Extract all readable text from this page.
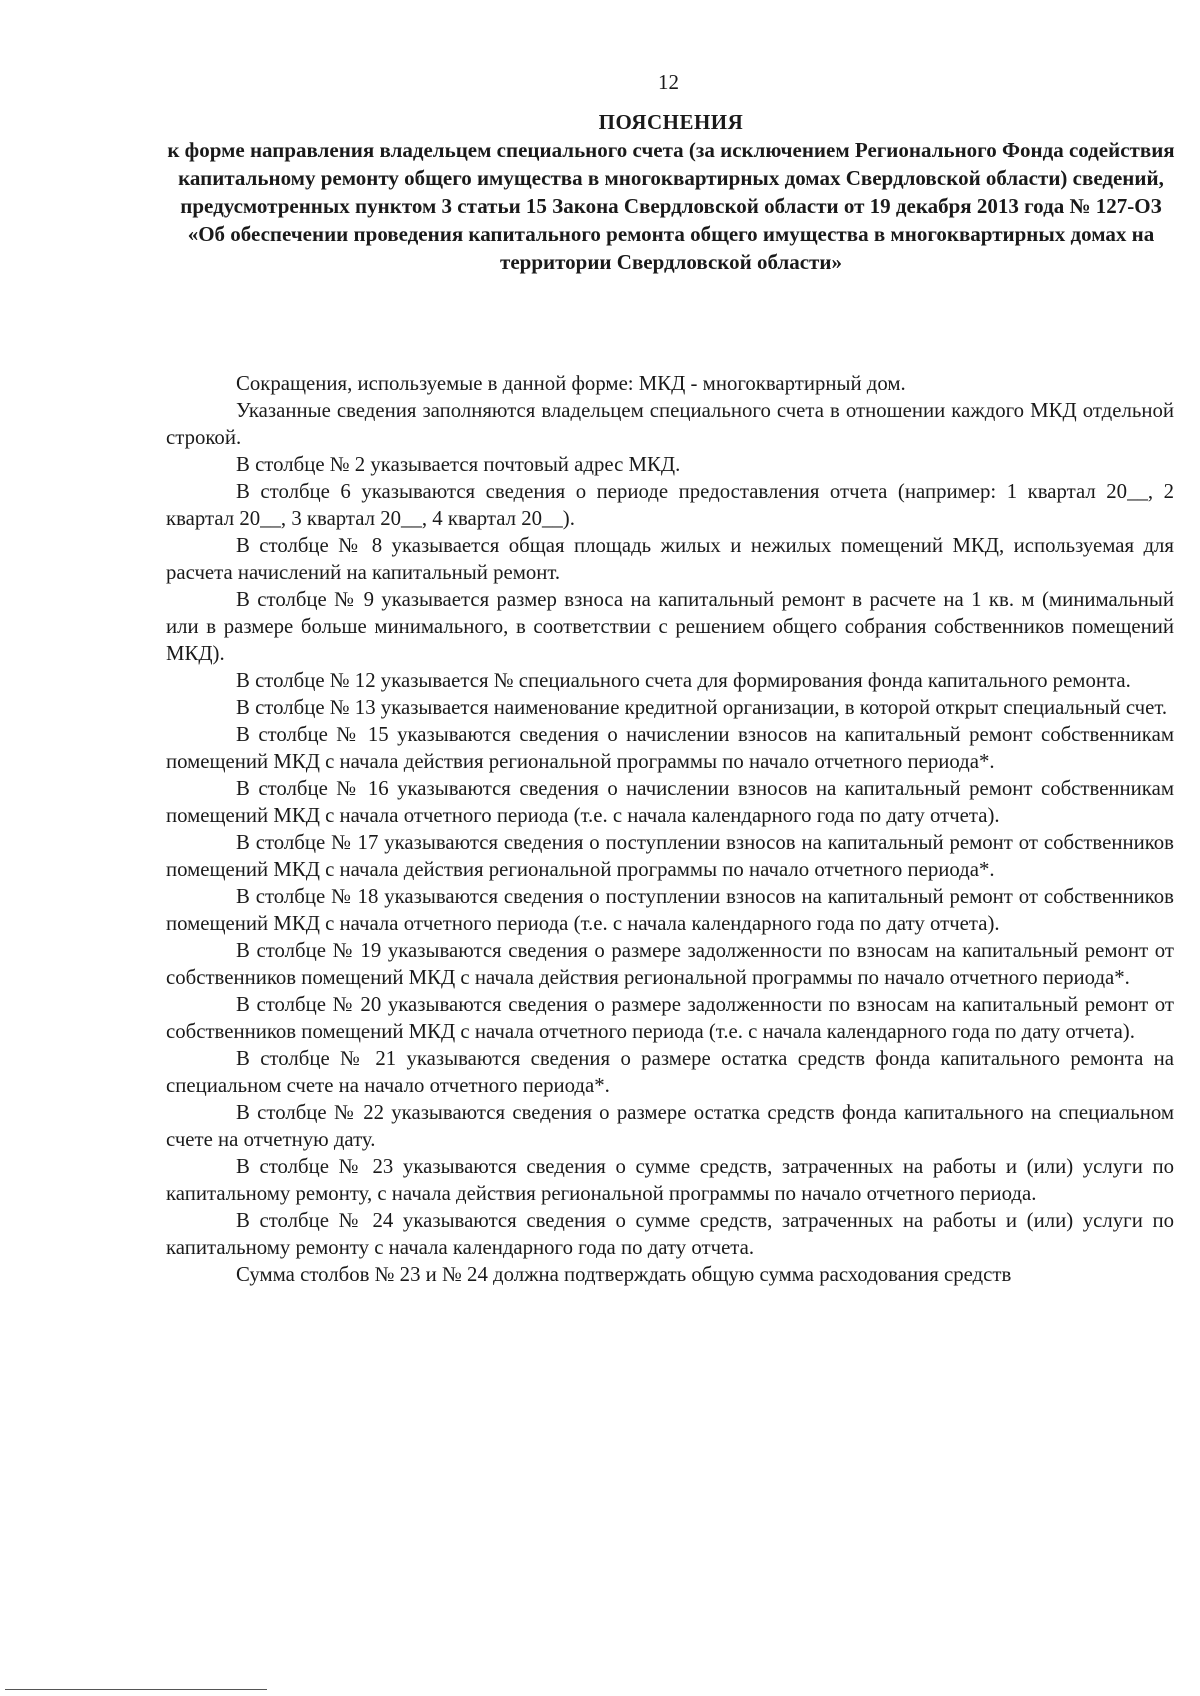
12
ПОЯСНЕНИЯ
к форме направления владельцем специального счета (за исключением Регионального Фонда содействия капитальному ремонту общего имущества в многоквартирных домах Свердловской области) сведений, предусмотренных пунктом 3 статьи 15 Закона Свердловской области от 19 декабря 2013 года № 127-ОЗ «Об обеспечении проведения капитального ремонта общего имущества в многоквартирных домах на территории Свердловской области»

Сокращения, используемые в данной форме: МКД - многоквартирный дом.

Указанные сведения заполняются владельцем специального счета в отношении каждого МКД отдельной строкой.

В столбце № 2 указывается почтовый адрес МКД.

В столбце 6 указываются сведения о периоде предоставления отчета (например: 1 квартал 20__, 2 квартал 20__, 3 квартал 20__, 4 квартал 20__).

В столбце № 8 указывается общая площадь жилых и нежилых помещений МКД, используемая для расчета начислений на капитальный ремонт.

В столбце № 9 указывается размер взноса на капитальный ремонт в расчете на 1 кв. м (минимальный или в размере больше минимального, в соответствии с решением общего собрания собственников помещений МКД).

В столбце № 12 указывается № специального счета для формирования фонда капитального ремонта.

В столбце № 13 указывается наименование кредитной организации, в которой открыт специальный счет.

В столбце № 15 указываются сведения о начислении взносов на капитальный ремонт собственникам помещений МКД с начала действия региональной программы по начало отчетного периода*.

В столбце № 16 указываются сведения о начислении взносов на капитальный ремонт собственникам помещений МКД с начала отчетного периода (т.е. с начала календарного года по дату отчета).

В столбце № 17 указываются сведения о поступлении взносов на капитальный ремонт от собственников помещений МКД с начала действия региональной программы по начало отчетного периода*.

В столбце № 18 указываются сведения о поступлении взносов на капитальный ремонт от собственников помещений МКД с начала отчетного периода (т.е. с начала календарного года по дату отчета).

В столбце № 19 указываются сведения о размере задолженности по взносам на капитальный ремонт от собственников помещений МКД с начала действия региональной программы по начало отчетного периода*.

В столбце № 20 указываются сведения о размере задолженности по взносам на капитальный ремонт от собственников помещений МКД с начала отчетного периода (т.е. с начала календарного года по дату отчета).

В столбце № 21 указываются сведения о размере остатка средств фонда капитального ремонта на специальном счете на начало отчетного периода*.

В столбце № 22 указываются сведения о размере остатка средств фонда капитального на специальном счете на отчетную дату.

В столбце № 23 указываются сведения о сумме средств, затраченных на работы и (или) услуги по капитальному ремонту, с начала действия региональной программы по начало отчетного периода.

В столбце № 24 указываются сведения о сумме средств, затраченных на работы и (или) услуги по капитальному ремонту с начала календарного года по дату отчета.

Сумма столбов № 23 и № 24 должна подтверждать общую сумма расходования средств
